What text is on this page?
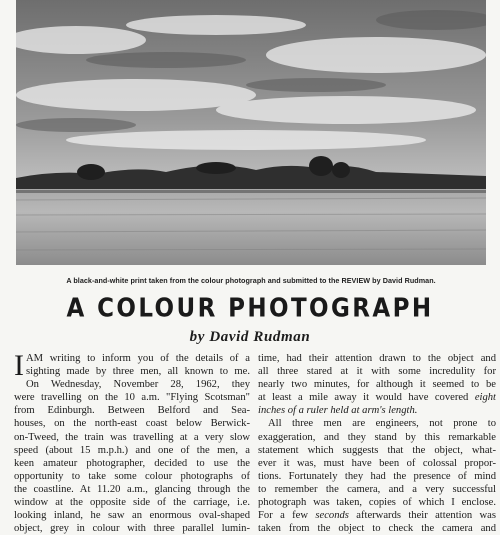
A black-and-white print taken from the colour photograph and submitted to the REVIEW by David Rudman.
A COLOUR PHOTOGRAPH
by David Rudman

I AM writing to inform you of the details of a
sighting made by three men, all known to me.
On Wednesday, November 28, 1962, they
were travelling on the 10 a.m. "Flying Scotsman"
from Edinburgh. Between Belford and Sea-
houses, on the north-east coast below Berwick-
on-Tweed, the train was travelling at a very slow
speed (about 15 m.p.h.) and one of the men, a
keen amateur photographer, decided to use the
opportunity to take some colour photographs of
the coastline. At 11.20 a.m., glancing through the
window at the opposite side of the carriage, i.e.
looking inland, he saw an enormous oval-shaped
object, grey in colour with three parallel lumin-

time, had their attention drawn to the object and
all three stared at it with some incredulity for
nearly two minutes, for although it seemed to be
at least a mile away it would have covered eight
inches of a ruler held at arm's length.

All three men are engineers, not prone to
exaggeration, and they stand by this remarkable
statement which suggests that the object, what-
ever it was, must have been of colossal propor-
tions. Fortunately they had the presence of mind
to remember the camera, and a very successful
photograph was taken, copies of which I enclose.
For a few seconds afterwards their attention was
taken from the object to check the camera and
